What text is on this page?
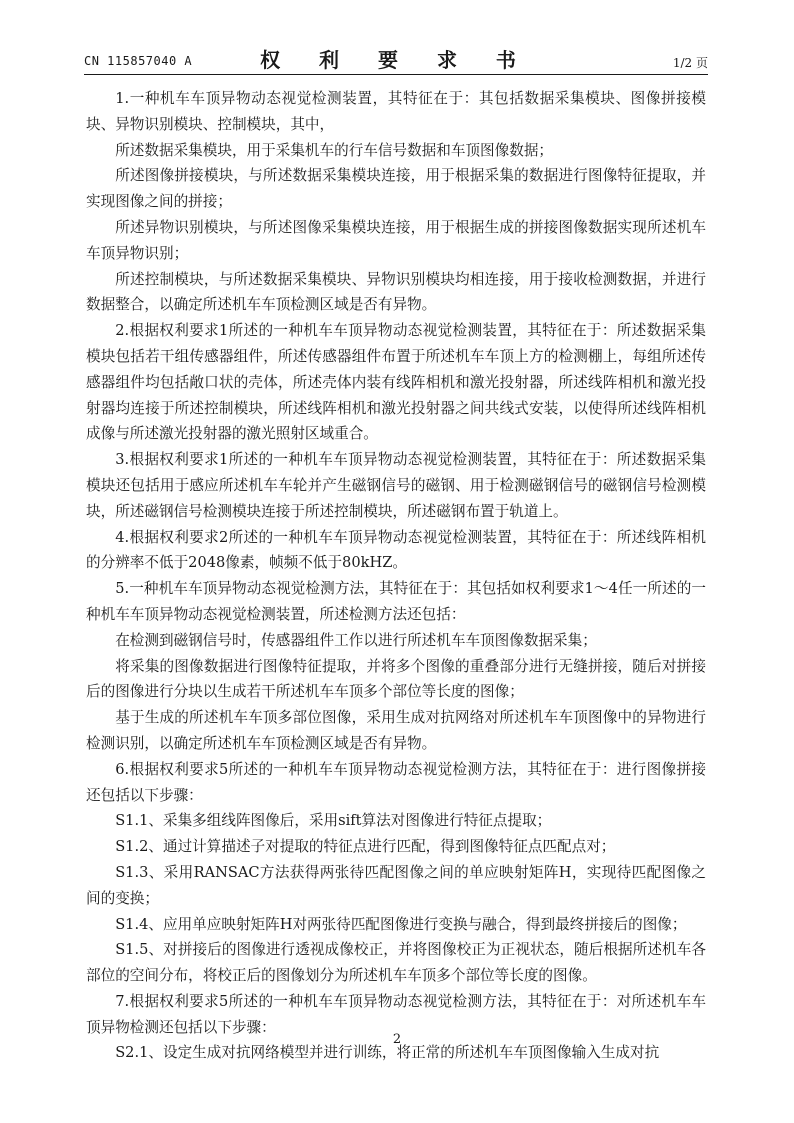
CN 115857040 A	权 利 要 求 书	1/2 页

1.一种机车车顶异物动态视觉检测装置，其特征在于：其包括数据采集模块、图像拼接模块、异物识别模块、控制模块，其中，

所述数据采集模块，用于采集机车的行车信号数据和车顶图像数据；

所述图像拼接模块，与所述数据采集模块连接，用于根据采集的数据进行图像特征提取，并实现图像之间的拼接；

所述异物识别模块，与所述图像采集模块连接，用于根据生成的拼接图像数据实现所述机车车顶异物识别；

所述控制模块，与所述数据采集模块、异物识别模块均相连接，用于接收检测数据，并进行数据整合，以确定所述机车车顶检测区域是否有异物。

2.根据权利要求1所述的一种机车车顶异物动态视觉检测装置，其特征在于：所述数据采集模块包括若干组传感器组件，所述传感器组件布置于所述机车车顶上方的检测棚上，每组所述传感器组件均包括敞口状的壳体，所述壳体内装有线阵相机和激光投射器，所述线阵相机和激光投射器均连接于所述控制模块，所述线阵相机和激光投射器之间共线式安装，以使得所述线阵相机成像与所述激光投射器的激光照射区域重合。

3.根据权利要求1所述的一种机车车顶异物动态视觉检测装置，其特征在于：所述数据采集模块还包括用于感应所述机车车轮并产生磁钢信号的磁钢、用于检测磁钢信号的磁钢信号检测模块，所述磁钢信号检测模块连接于所述控制模块，所述磁钢布置于轨道上。

4.根据权利要求2所述的一种机车车顶异物动态视觉检测装置，其特征在于：所述线阵相机的分辨率不低于2048像素，帧频不低于80kHZ。

5.一种机车车顶异物动态视觉检测方法，其特征在于：其包括如权利要求1～4任一所述的一种机车车顶异物动态视觉检测装置，所述检测方法还包括：

在检测到磁钢信号时，传感器组件工作以进行所述机车车顶图像数据采集；

将采集的图像数据进行图像特征提取，并将多个图像的重叠部分进行无缝拼接，随后对拼接后的图像进行分块以生成若干所述机车车顶多个部位等长度的图像；

基于生成的所述机车车顶多部位图像，采用生成对抗网络对所述机车车顶图像中的异物进行检测识别，以确定所述机车车顶检测区域是否有异物。

6.根据权利要求5所述的一种机车车顶异物动态视觉检测方法，其特征在于：进行图像拼接还包括以下步骤：

S1.1、采集多组线阵图像后，采用sift算法对图像进行特征点提取；

S1.2、通过计算描述子对提取的特征点进行匹配，得到图像特征点匹配点对；

S1.3、采用RANSAC方法获得两张待匹配图像之间的单应映射矩阵H，实现待匹配图像之间的变换；

S1.4、应用单应映射矩阵H对两张待匹配图像进行变换与融合，得到最终拼接后的图像；

S1.5、对拼接后的图像进行透视成像校正，并将图像校正为正视状态，随后根据所述机车各部位的空间分布，将校正后的图像划分为所述机车车顶多个部位等长度的图像。

7.根据权利要求5所述的一种机车车顶异物动态视觉检测方法，其特征在于：对所述机车车顶异物检测还包括以下步骤：

S2.1、设定生成对抗网络模型并进行训练，将正常的所述机车车顶图像输入生成对抗

2
